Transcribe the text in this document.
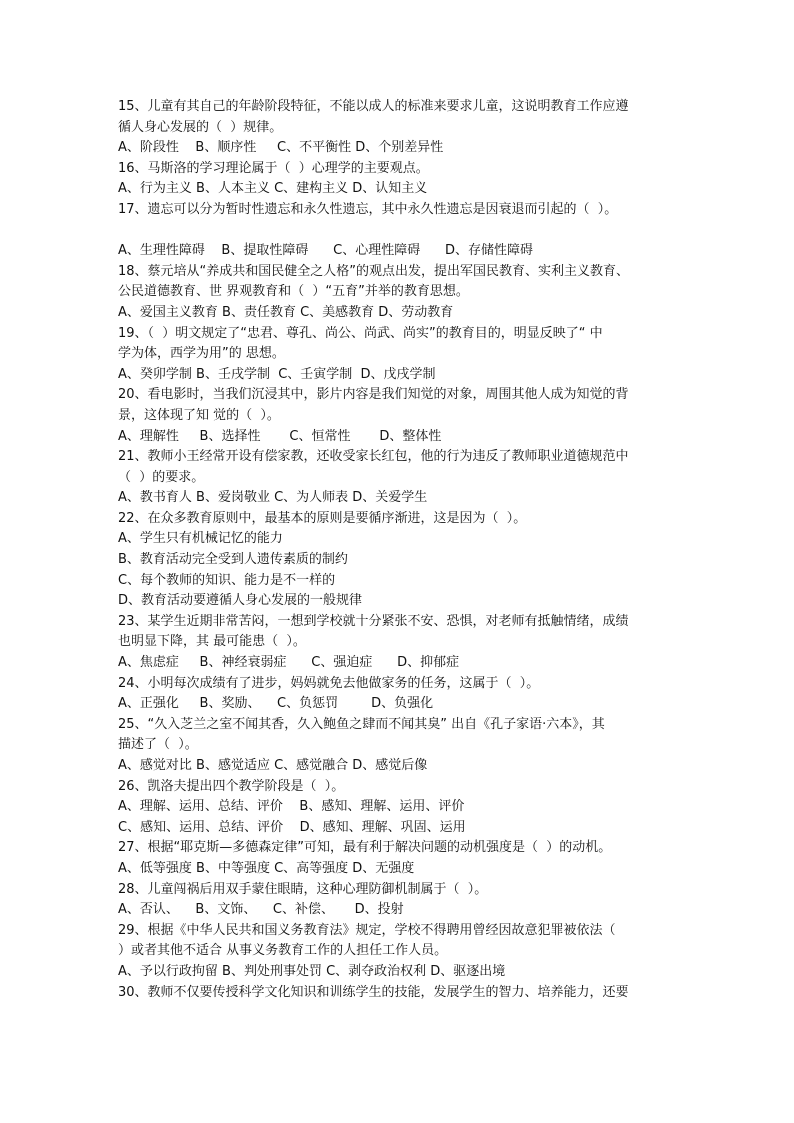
15、儿童有其自己的年龄阶段特征，不能以成人的标准来要求儿童，这说明教育工作应遵
循人身心发展的（  ）规律。
A、阶段性    B、顺序性     C、不平衡性 D、个别差异性
16、马斯洛的学习理论属于（  ）心理学的主要观点。
A、行为主义 B、人本主义 C、建构主义 D、认知主义
17、遗忘可以分为暂时性遗忘和永久性遗忘，其中永久性遗忘是因衰退而引起的（  ）。
A、生理性障碍    B、提取性障碍      C、心理性障碍      D、存储性障碍
18、蔡元培从“养成共和国民健全之人格”的观点出发，提出军国民教育、实利主义教育、
公民道德教育、世 界观教育和（  ）“五育”并举的教育思想。
A、爱国主义教育 B、责任教育 C、美感教育 D、劳动教育
19、（  ）明文规定了“忠君、尊孔、尚公、尚武、尚实”的教育目的，明显反映了“ 中
学为体，西学为用”的 思想。
A、癸卯学制 B、壬戌学制  C、壬寅学制  D、戊戌学制
20、看电影时，当我们沉浸其中，影片内容是我们知觉的对象，周围其他人成为知觉的背
景，这体现了知 觉的（  ）。
A、理解性     B、选择性       C、恒常性       D、整体性
21、教师小王经常开设有偿家教，还收受家长红包，他的行为违反了教师职业道德规范中
（  ）的要求。
A、教书育人 B、爱岗敬业 C、为人师表 D、关爱学生
22、在众多教育原则中，最基本的原则是要循序渐进，这是因为（  ）。
A、学生只有机械记忆的能力
B、教育活动完全受到人遗传素质的制约
C、每个教师的知识、能力是不一样的
D、教育活动要遵循人身心发展的一般规律
23、某学生近期非常苦闷，一想到学校就十分紧张不安、恐惧，对老师有抵触情绪，成绩
也明显下降，其 最可能患（  ）。
A、焦虑症     B、神经衰弱症      C、强迫症      D、抑郁症
24、小明每次成绩有了进步，妈妈就免去他做家务的任务，这属于（  ）。
A、正强化     B、奖励、    C、负惩罚        D、负强化
25、“久入芝兰之室不闻其香，久入鲍鱼之肆而不闻其臭” 出自《孔子家语·六本》，其
描述了（  ）。
A、感觉对比 B、感觉适应 C、感觉融合 D、感觉后像
26、凯洛夫提出四个教学阶段是（  ）。
A、理解、运用、总结、评价    B、感知、理解、运用、评价
C、感知、运用、总结、评价    D、感知、理解、巩固、运用
27、根据“耶克斯—多德森定律”可知，最有利于解决问题的动机强度是（  ）的动机。
A、低等强度 B、中等强度 C、高等强度 D、无强度
28、儿童闯祸后用双手蒙住眼睛，这种心理防御机制属于（  ）。
A、否认、    B、文饰、    C、补偿、     D、投射
29、根据《中华人民共和国义务教育法》规定，学校不得聘用曾经因故意犯罪被依法（
）或者其他不适合 从事义务教育工作的人担任工作人员。
A、予以行政拘留 B、判处刑事处罚 C、剥夺政治权利 D、驱逐出境
30、教师不仅要传授科学文化知识和训练学生的技能，发展学生的智力、培养能力，还要
